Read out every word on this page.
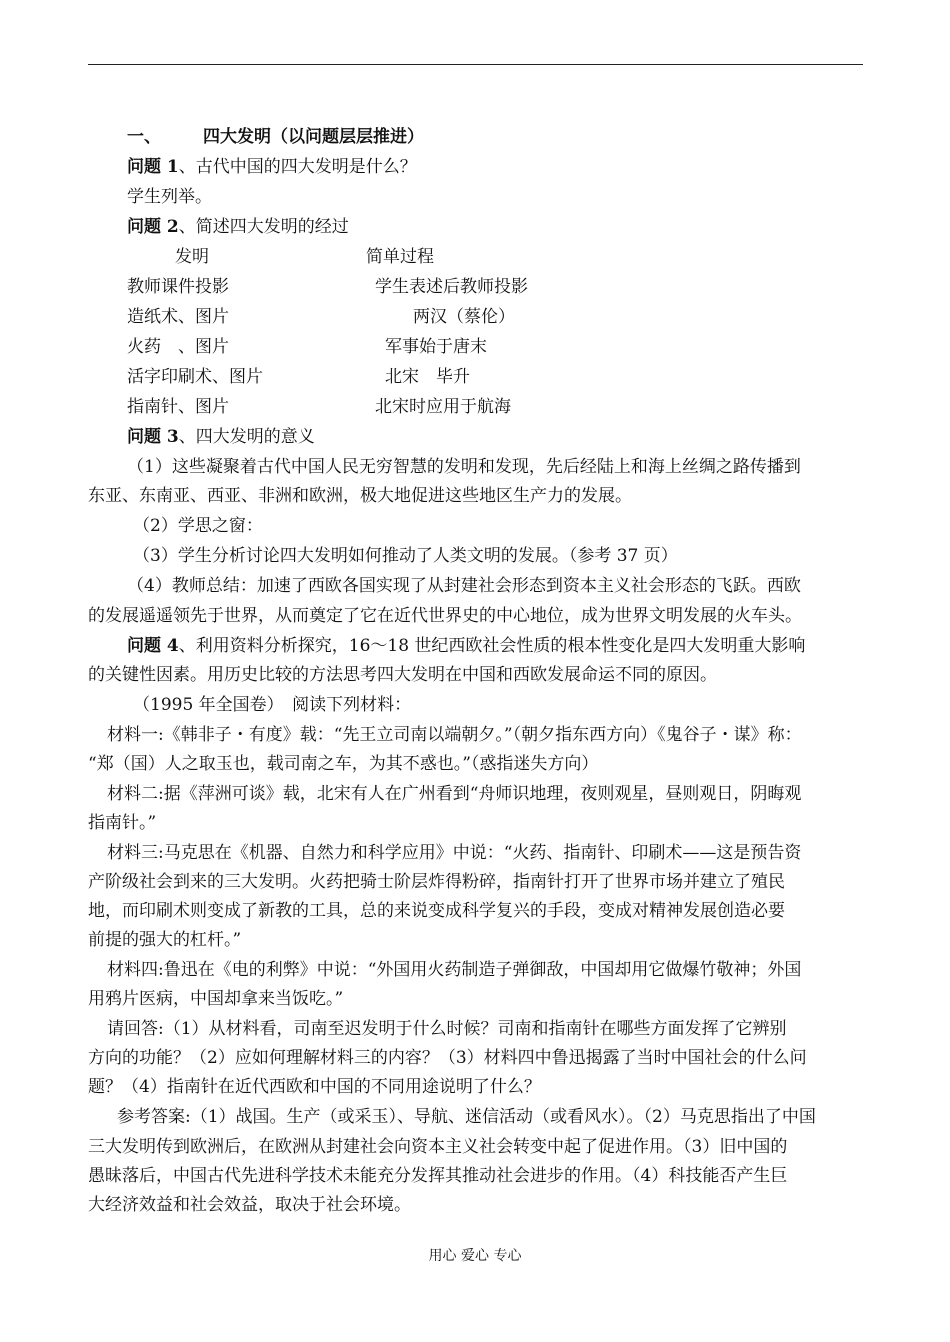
一、 四大发明（以问题层层推进）
问题 1、古代中国的四大发明是什么？
学生列举。
问题 2、简述四大发明的经过
发明	简单过程
教师课件投影	学生表述后教师投影
造纸术、图片	两汉（蔡伦）
火药　、图片	军事始于唐末
活字印刷术、图片	北宋　毕升
指南针、图片	北宋时应用于航海
问题 3、四大发明的意义
（1）这些凝聚着古代中国人民无穷智慧的发明和发现，先后经陆上和海上丝绸之路传播到
东亚、东南亚、西亚、非洲和欧洲，极大地促进这些地区生产力的发展。
（2）学思之窗：
（3）学生分析讨论四大发明如何推动了人类文明的发展。（参考 37 页）
（4）教师总结：加速了西欧各国实现了从封建社会形态到资本主义社会形态的飞跃。西欧
的发展遥遥领先于世界，从而奠定了它在近代世界史的中心地位，成为世界文明发展的火车头。
问题 4、利用资料分析探究，16～18 世纪西欧社会性质的根本性变化是四大发明重大影响
的关键性因素。用历史比较的方法思考四大发明在中国和西欧发展命运不同的原因。
（1995 年全国卷）　阅读下列材料：
材料一:《韩非子・有度》载：“先王立司南以端朝夕。”（朝夕指东西方向）《鬼谷子・谋》称：
“郑（国）人之取玉也，载司南之车，为其不惑也。”（惑指迷失方向）
材料二:据《萍洲可谈》载，北宋有人在广州看到“舟师识地理，夜则观星，昼则观日，阴晦观
指南针。”
材料三:马克思在《机器、自然力和科学应用》中说：“火药、指南针、印刷术——这是预告资
产阶级社会到来的三大发明。火药把骑士阶层炸得粉碎，指南针打开了世界市场并建立了殖民
地，而印刷术则变成了新教的工具，总的来说变成科学复兴的手段，变成对精神发展创造必要
前提的强大的杠杆。”
材料四:鲁迅在《电的利弊》中说：“外国用火药制造子弹御敌，中国却用它做爆竹敬神；外国
用鸦片医病，中国却拿来当饭吃。”
请回答:（1）从材料看，司南至迟发明于什么时候？司南和指南针在哪些方面发挥了它辨别
方向的功能？（2）应如何理解材料三的内容？（3）材料四中鲁迅揭露了当时中国社会的什么问
题？（4）指南针在近代西欧和中国的不同用途说明了什么？
参考答案:（1）战国。生产（或采玉）、导航、迷信活动（或看风水）。（2）马克思指出了中国
三大发明传到欧洲后，在欧洲从封建社会向资本主义社会转变中起了促进作用。（3）旧中国的
愚昧落后，中国古代先进科学技术未能充分发挥其推动社会进步的作用。（4）科技能否产生巨
大经济效益和社会效益，取决于社会环境。
用心 爱心 专心
